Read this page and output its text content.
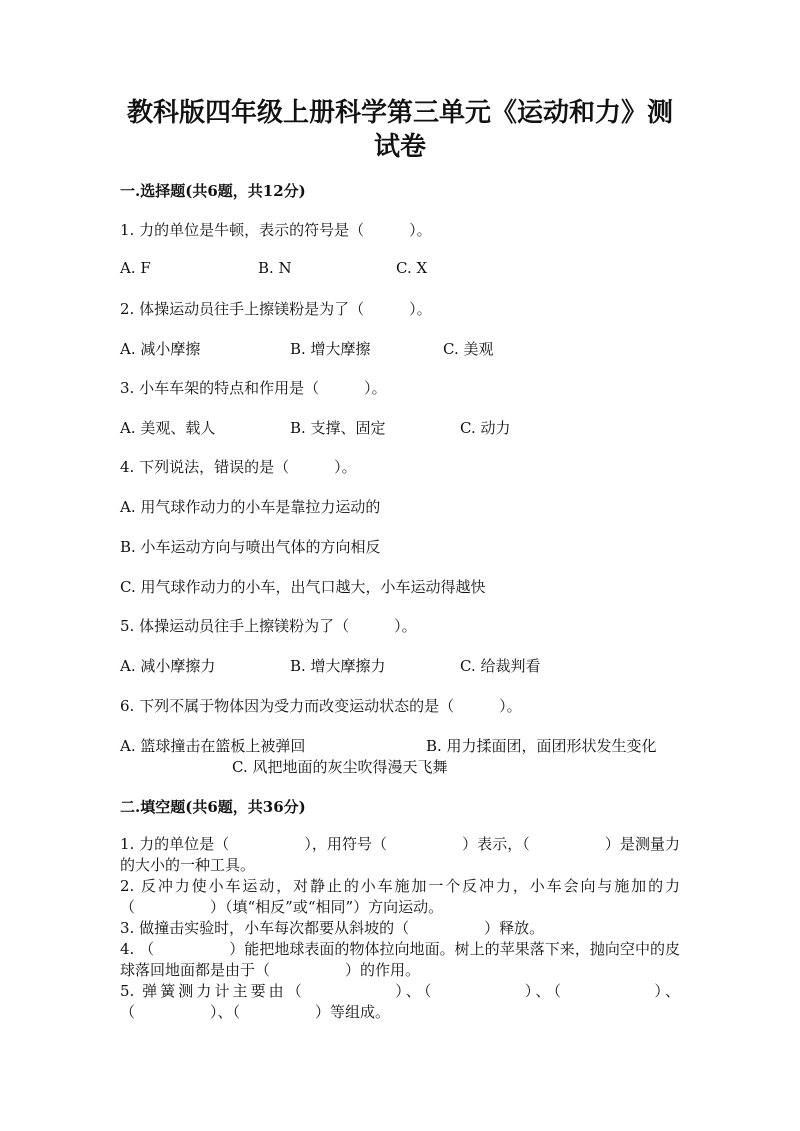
教科版四年级上册科学第三单元《运动和力》测试卷
一.选择题(共6题，共12分)
1. 力的单位是牛顿，表示的符号是（　　　）。
A. F	B. N	C. X
2. 体操运动员往手上擦镁粉是为了（　　　）。
A. 减小摩擦	B. 增大摩擦	C. 美观
3. 小车车架的特点和作用是（　　　）。
A. 美观、载人	B. 支撑、固定	C. 动力
4. 下列说法，错误的是（　　　）。
A. 用气球作动力的小车是靠拉力运动的
B. 小车运动方向与喷出气体的方向相反
C. 用气球作动力的小车，出气口越大，小车运动得越快
5. 体操运动员往手上擦镁粉为了（　　　）。
A. 减小摩擦力	B. 增大摩擦力	C. 给裁判看
6. 下列不属于物体因为受力而改变运动状态的是（　　　）。
A. 篮球撞击在篮板上被弹回	B. 用力揉面团，面团形状发生变化
C. 风把地面的灰尘吹得漫天飞舞
二.填空题(共6题，共36分)
1. 力的单位是（　　　　　），用符号（　　　　　）表示，（　　　　　）是测量力的大小的一种工具。
2. 反冲力使小车运动，对静止的小车施加一个反冲力，小车会向与施加的力（　　　　　）（填“相反”或“相同”）方向运动。
3. 做撞击实验时，小车每次都要从斜坡的（　　　　　）释放。
4. （　　　　　）能把地球表面的物体拉向地面。树上的苹果落下来，抛向空中的皮球落回地面都是由于（　　　　　）的作用。
5. 弹簧测力计主要由（　　　　　）、（　　　　　）、（　　　　　）、（　　　　　）、（　　　　　）等组成。
